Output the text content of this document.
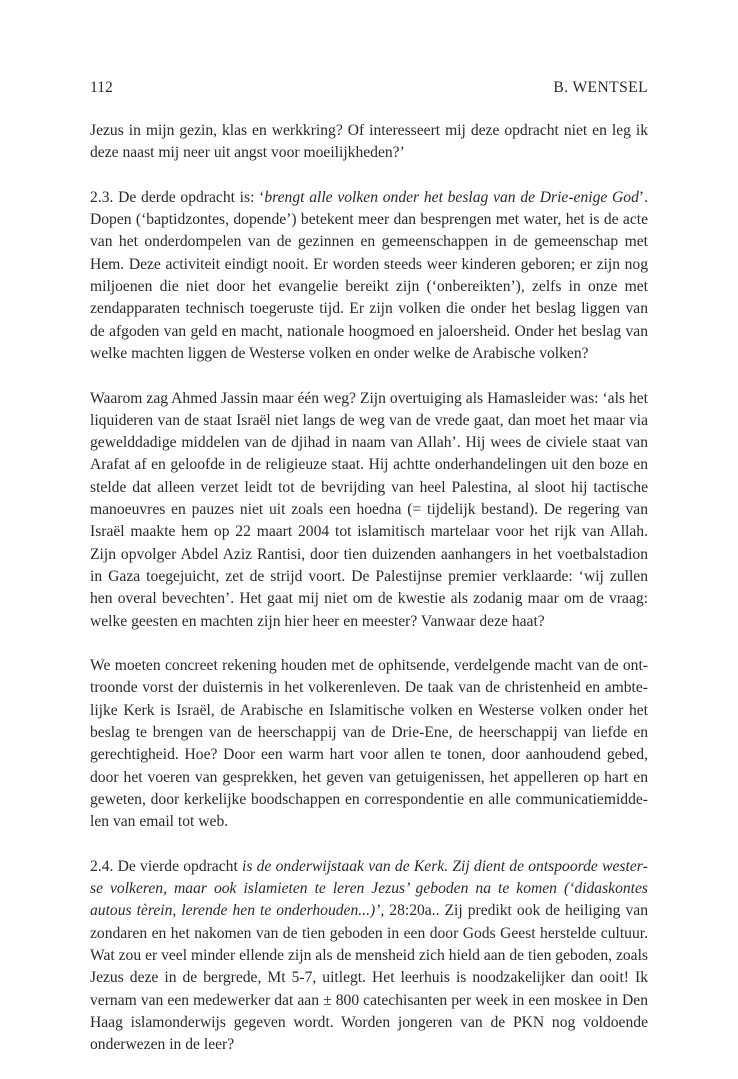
112	B. WENTSEL

Jezus in mijn gezin, klas en werkkring? Of interesseert mij deze opdracht niet en leg ik deze naast mij neer uit angst voor moeilijkheden?’

2.3. De derde opdracht is: ‘brengt alle volken onder het beslag van de Drie-enige God’. Dopen (‘baptidzontes, dopende’) betekent meer dan besprengen met water, het is de acte van het onderdompelen van de gezinnen en gemeenschappen in de gemeenschap met Hem. Deze activiteit eindigt nooit. Er worden steeds weer kinderen geboren; er zijn nog miljoenen die niet door het evangelie bereikt zijn (‘onbereikten’), zelfs in onze met zendapparaten technisch toegeruste tijd. Er zijn volken die onder het beslag liggen van de afgoden van geld en macht, nationale hoogmoed en jaloersheid. Onder het beslag van welke machten liggen de Westerse volken en onder welke de Arabische volken?

Waarom zag Ahmed Jassin maar één weg? Zijn overtuiging als Hamasleider was: ‘als het liquideren van de staat Israël niet langs de weg van de vrede gaat, dan moet het maar via gewelddadige middelen van de djihad in naam van Allah’. Hij wees de civiele staat van Arafat af en geloofde in de religieuze staat. Hij achtte onderhandelingen uit den boze en stelde dat alleen verzet leidt tot de bevrijding van heel Palestina, al sloot hij tactische manoeuvres en pauzes niet uit zoals een hoedna (= tijdelijk bestand). De regering van Israël maakte hem op 22 maart 2004 tot islamitisch martelaar voor het rijk van Allah. Zijn opvolger Abdel Aziz Rantisi, door tien duizenden aanhangers in het voetbalstadion in Gaza toegejuicht, zet de strijd voort. De Palestijnse premier verklaarde: ‘wij zullen hen overal bevechten’. Het gaat mij niet om de kwestie als zodanig maar om de vraag: welke geesten en machten zijn hier heer en meester? Vanwaar deze haat?

We moeten concreet rekening houden met de ophitsende, verdelgende macht van de onttroonde vorst der duisternis in het volkerenleven. De taak van de christenheid en ambtelijke Kerk is Israël, de Arabische en Islamitische volken en Westerse volken onder het beslag te brengen van de heerschappij van de Drie-Ene, de heerschappij van liefde en gerechtigheid. Hoe? Door een warm hart voor allen te tonen, door aanhoudend gebed, door het voeren van gesprekken, het geven van getuigenissen, het appelleren op hart en geweten, door kerkelijke boodschappen en correspondentie en alle communicatiemiddelen van email tot web.

2.4. De vierde opdracht is de onderwijstaak van de Kerk. Zij dient de ontspoorde westerse volkeren, maar ook islamieten te leren Jezus’ geboden na te komen (‘didaskontes autous tèrein, lerende hen te onderhouden...)’, 28:20a.. Zij predikt ook de heiliging van zondaren en het nakomen van de tien geboden in een door Gods Geest herstelde cultuur. Wat zou er veel minder ellende zijn als de mensheid zich hield aan de tien geboden, zoals Jezus deze in de bergrede, Mt 5-7, uitlegt. Het leerhuis is noodzakelijker dan ooit! Ik vernam van een medewerker dat aan ± 800 catechisanten per week in een moskee in Den Haag islamonderwijs gegeven wordt. Worden jongeren van de PKN nog voldoende onderwezen in de leer?
